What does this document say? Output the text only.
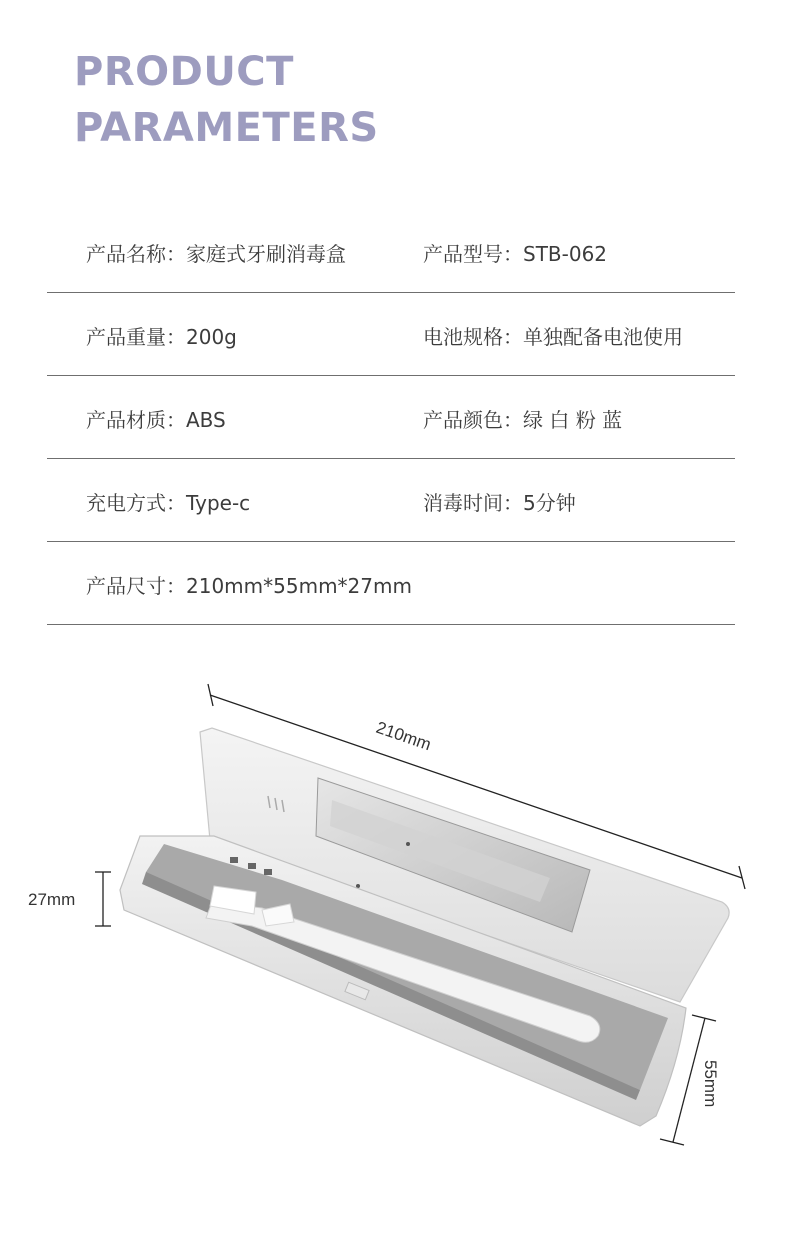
PRODUCT
PARAMETERS
产品名称：家庭式牙刷消毒盒	产品型号：STB-062
产品重量：200g	电池规格：单独配备电池使用
产品材质：ABS	产品颜色：绿 白 粉 蓝
充电方式：Type-c	消毒时间：5分钟
产品尺寸：210mm*55mm*27mm
210mm
27mm
55mm
